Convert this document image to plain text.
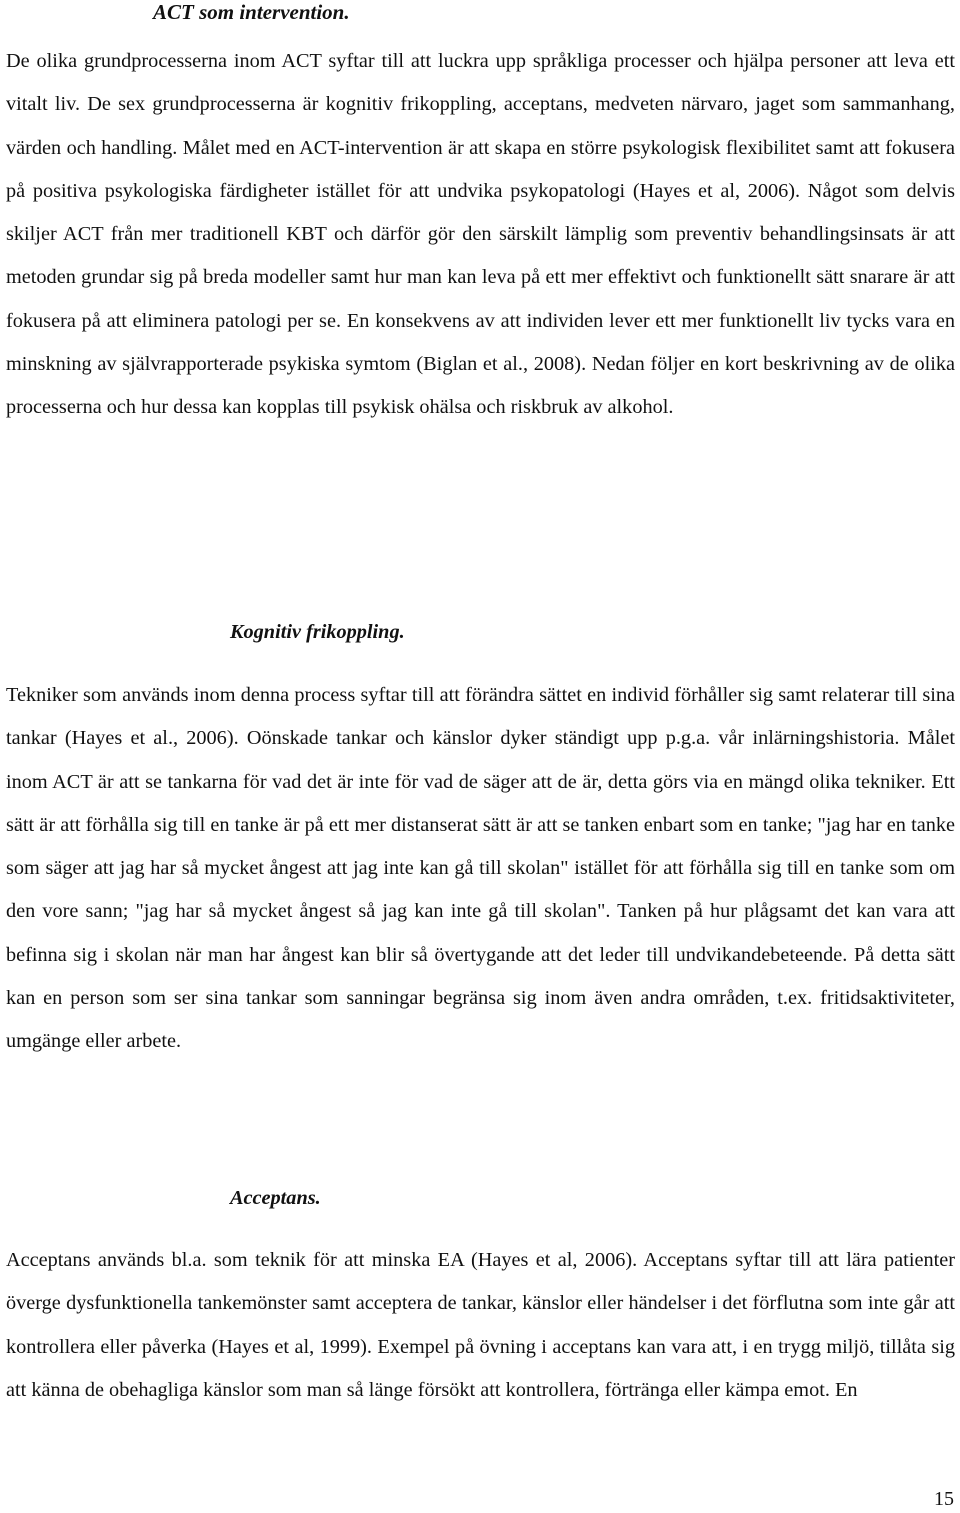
ACT som intervention.

De olika grundprocesserna inom ACT syftar till att luckra upp språkliga processer och hjälpa personer att leva ett vitalt liv. De sex grundprocesserna är kognitiv frikoppling, acceptans, medveten närvaro, jaget som sammanhang, värden och handling. Målet med en ACT-intervention är att skapa en större psykologisk flexibilitet samt att fokusera på positiva psykologiska färdigheter istället för att undvika psykopatologi (Hayes et al, 2006). Något som delvis skiljer ACT från mer traditionell KBT och därför gör den särskilt lämplig som preventiv behandlingsinsats är att metoden grundar sig på breda modeller samt hur man kan leva på ett mer effektivt och funktionellt sätt snarare är att fokusera på att eliminera patologi per se. En konsekvens av att individen lever ett mer funktionellt liv tycks vara en minskning av självrapporterade psykiska symtom (Biglan et al., 2008). Nedan följer en kort beskrivning av de olika processerna och hur dessa kan kopplas till psykisk ohälsa och riskbruk av alkohol.

Kognitiv frikoppling.

Tekniker som används inom denna process syftar till att förändra sättet en individ förhåller sig samt relaterar till sina tankar (Hayes et al., 2006). Oönskade tankar och känslor dyker ständigt upp p.g.a. vår inlärningshistoria. Målet inom ACT är att se tankarna för vad det är inte för vad de säger att de är, detta görs via en mängd olika tekniker. Ett sätt är att förhålla sig till en tanke är på ett mer distanserat sätt är att se tanken enbart som en tanke; "jag har en tanke som säger att jag har så mycket ångest att jag inte kan gå till skolan" istället för att förhålla sig till en tanke som om den vore sann; "jag har så mycket ångest så jag kan inte gå till skolan". Tanken på hur plågsamt det kan vara att befinna sig i skolan när man har ångest kan blir så övertygande att det leder till undvikandebeteende. På detta sätt kan en person som ser sina tankar som sanningar begränsa sig inom även andra områden, t.ex. fritidsaktiviteter, umgänge eller arbete.

Acceptans.

Acceptans används bl.a. som teknik för att minska EA (Hayes et al, 2006). Acceptans syftar till att lära patienter överge dysfunktionella tankemönster samt acceptera de tankar, känslor eller händelser i det förflutna som inte går att kontrollera eller påverka (Hayes et al, 1999). Exempel på övning i acceptans kan vara att, i en trygg miljö, tillåta sig att känna de obehagliga känslor som man så länge försökt att kontrollera, förtränga eller kämpa emot. En

15
